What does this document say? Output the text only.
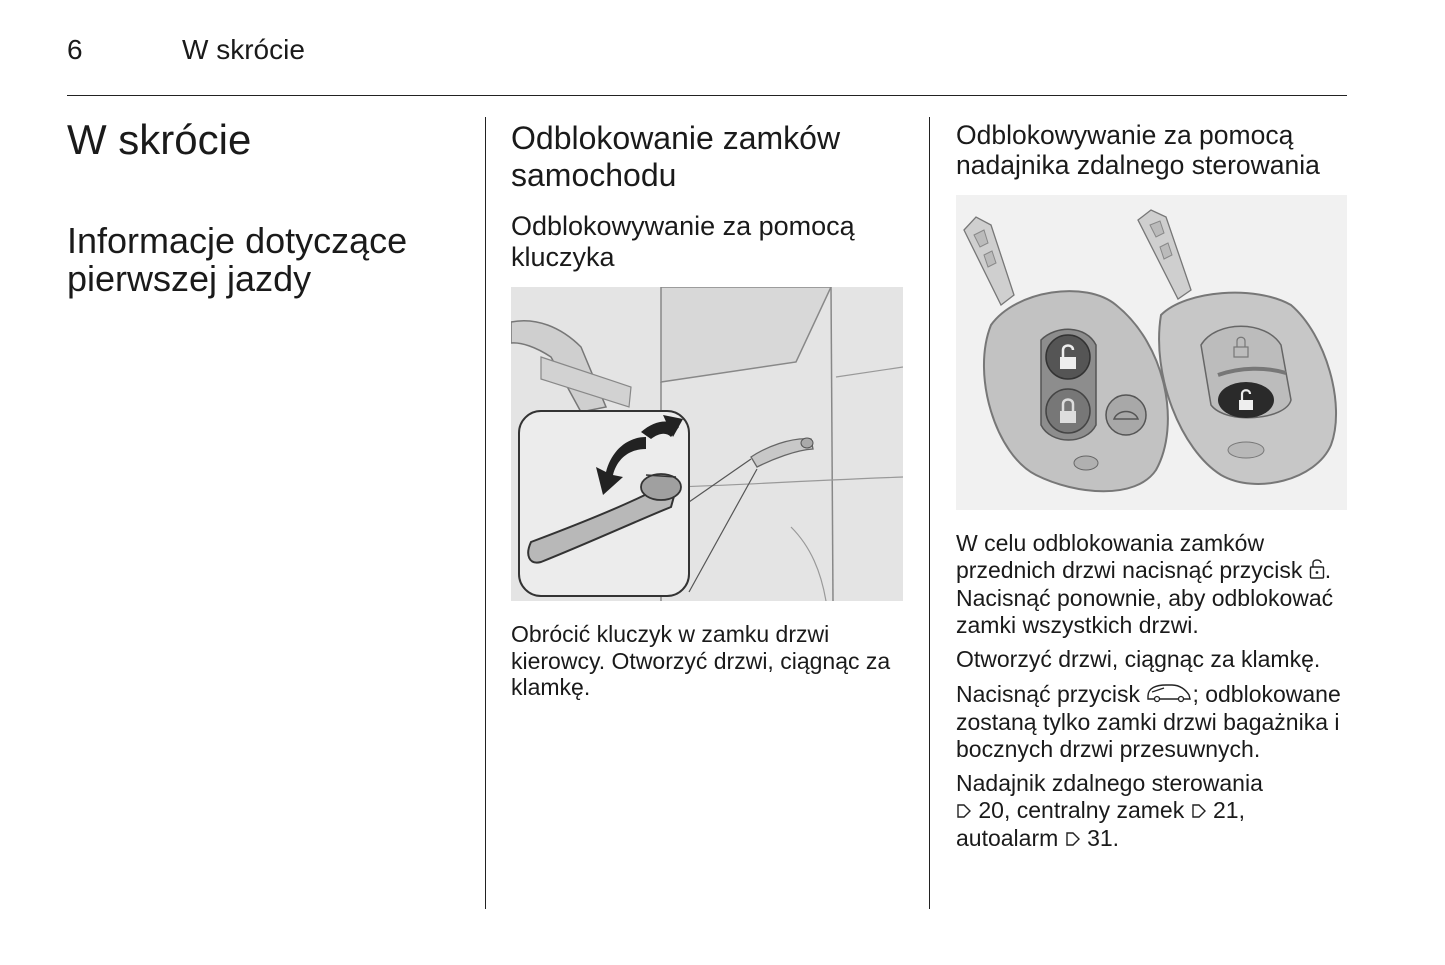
6	W skrócie
W skrócie
Informacje dotyczące pierwszej jazdy
Odblokowanie zamków samochodu
Odblokowywanie za pomocą kluczyka

Obrócić kluczyk w zamku drzwi kierowcy. Otworzyć drzwi, ciągnąc za klamkę.

Odblokowywanie za pomocą nadajnika zdalnego sterowania

W celu odblokowania zamków przednich drzwi nacisnąć przycisk . Nacisnąć ponownie, aby odblokować zamki wszystkich drzwi.

Otworzyć drzwi, ciągnąc za klamkę.

Nacisnąć przycisk ; odblokowane zostaną tylko zamki drzwi bagażnika i bocznych drzwi przesuwnych.

Nadajnik zdalnego sterowania
20, centralny zamek 21,
autoalarm 31.
